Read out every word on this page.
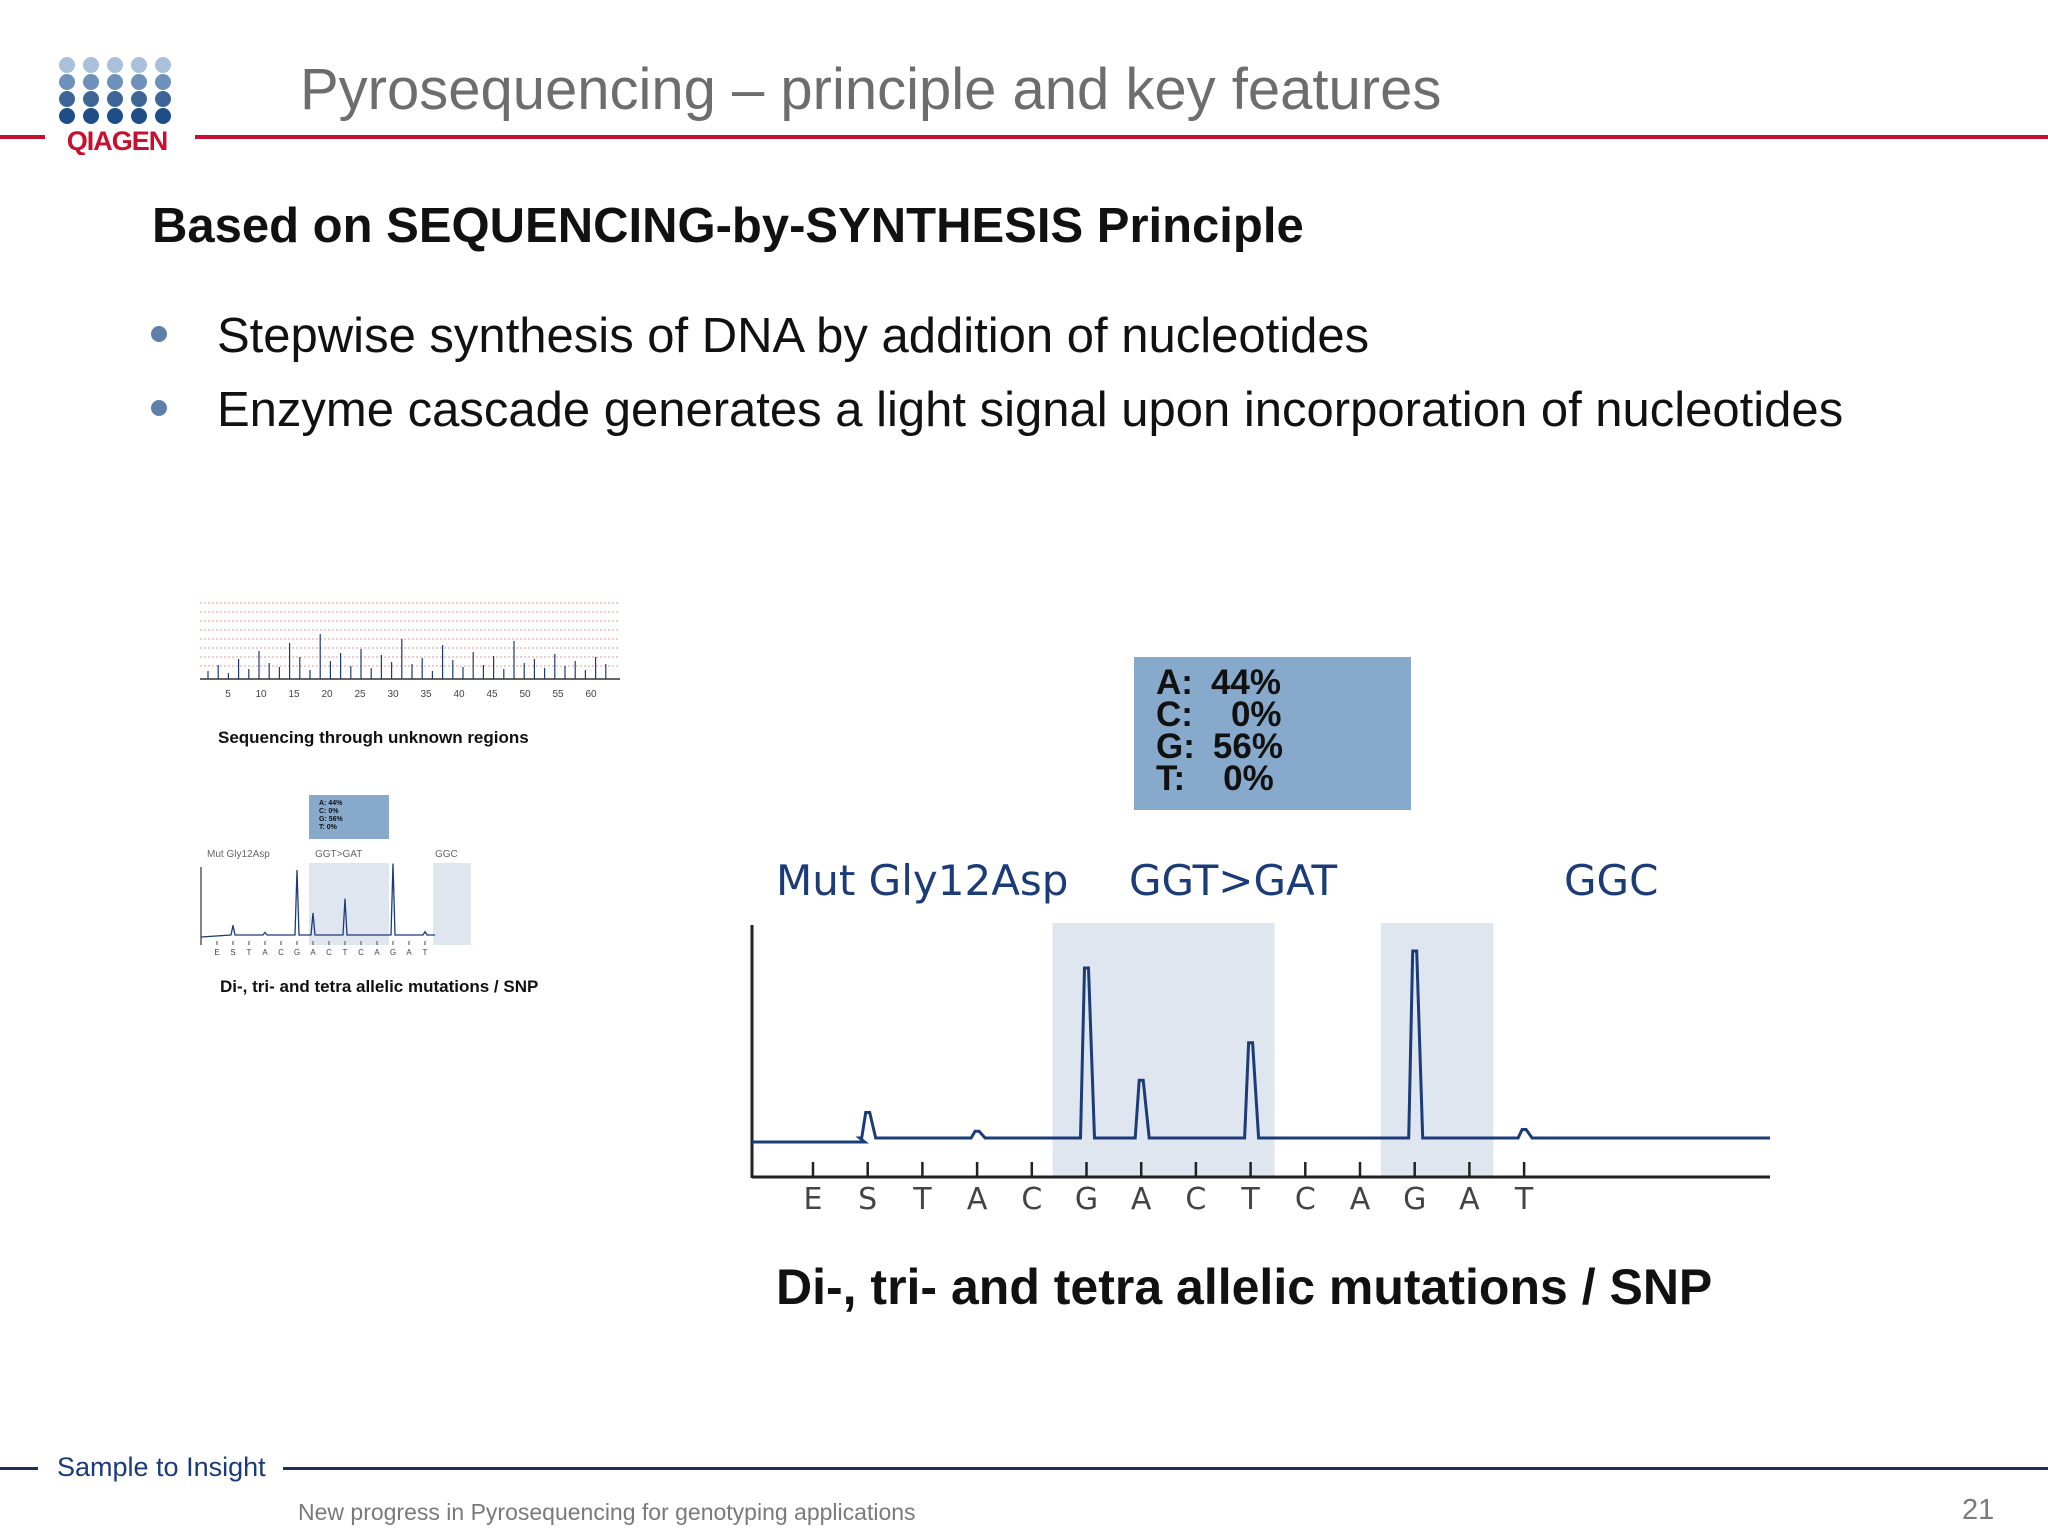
QIAGEN
Pyrosequencing – principle and key features
Based on SEQUENCING-by-SYNTHESIS Principle
Stepwise synthesis of DNA by addition of nucleotides
Enzyme cascade generates a light signal upon incorporation of nucleotides
5 10 15 20 25 30 35 40 45 50 55 60
Sequencing through unknown regions
A: 44%
C: 0%
G: 56%
T: 0%
Mut Gly12Asp	GGT>GAT	GGC
E S T A C G A C T C A G A T
Di-, tri- and tetra allelic mutations / SNP
A: 44%
C: 0%
G: 56%
T: 0%
Mut Gly12Asp GGT>GAT	GGC
E S T A C G A C T C A G A T
Di-, tri- and tetra allelic mutations / SNP
Sample to Insight
New progress in Pyrosequencing for genotyping applications	21
